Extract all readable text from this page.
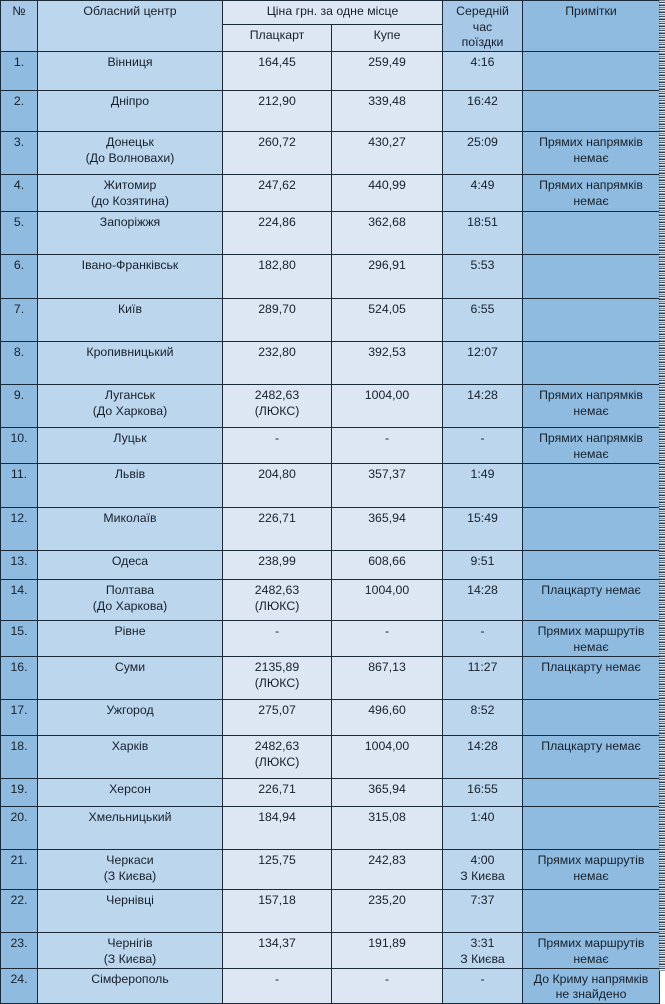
№	Обласний центр	Ціна грн. за одне місце		Середній
час
поїздки	Примітки
		Плацкарт	Купе		

1.	Вінниця	164,45	259,49	4:16	

2.	Дніпро	212,90	339,48	16:42	

3.	Донецьк
(До Волновахи)	260,72	430,27	25:09	Прямих напрямків
немає

4.	Житомир
(до Козятина)	247,62	440,99	4:49	Прямих напрямків
немає

5.	Запоріжжя	224,86	362,68	18:51	

6.	Івано-Франківськ	182,80	296,91	5:53	

7.	Київ	289,70	524,05	6:55	

8.	Кропивницький	232,80	392,53	12:07	

9.	Луганськ
(До Харкова)	2482,63
(ЛЮКС)	1004,00	14:28	Прямих напрямків
немає

10.	Луцьк	-	-	-	Прямих напрямків
немає

11.	Львів	204,80	357,37	1:49	

12.	Миколаїв	226,71	365,94	15:49	

13.	Одеса	238,99	608,66	9:51	

14.	Полтава
(До Харкова)	2482,63
(ЛЮКС)	1004,00	14:28	Плацкарту немає

15.	Рівне	-	-	-	Прямих маршрутів
немає

16.	Суми	2135,89
(ЛЮКС)	867,13	11:27	Плацкарту немає

17.	Ужгород	275,07	496,60	8:52	

18.	Харків	2482,63
(ЛЮКС)	1004,00	14:28	Плацкарту немає

19.	Херсон	226,71	365,94	16:55	

20.	Хмельницький	184,94	315,08	1:40	

21.	Черкаси
(З Києва)	125,75	242,83	4:00
З Києва	Прямих маршрутів
немає

22.	Чернівці	157,18	235,20	7:37	

23.	Чернігів
(З Києва)	134,37	191,89	3:31
З Києва	Прямих маршрутів
немає

24.	Сімферополь	-	-	-	До Криму напрямків
не знайдено
